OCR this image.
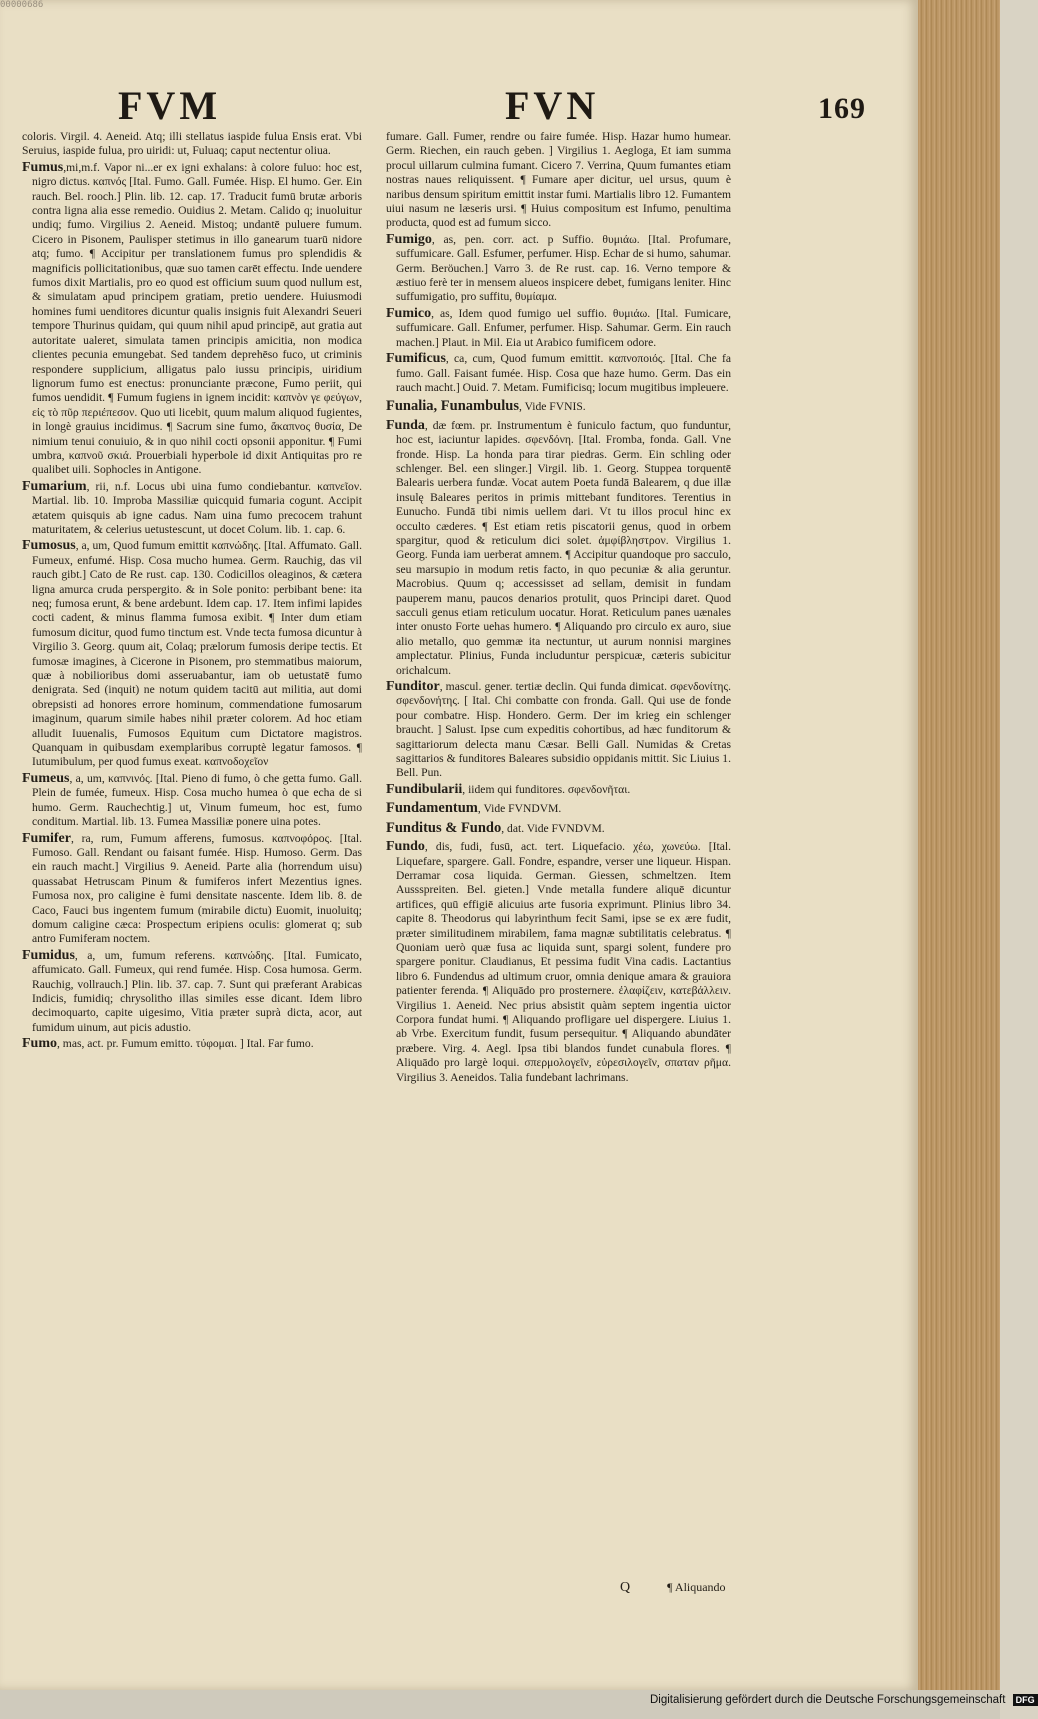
00000686
FVM	FVN	169

coloris. Virgil. 4. Aeneid. Atq; illi stellatus iaspide fulua Ensis erat. Vbi Seruius, iaspide fulua, pro uiridi: ut, Fuluaq; caput nectentur oliua.

Fumus,mi,m.f. Vapor ni...er ex igni exhalans: à colore fuluo: hoc est, nigro dictus. καπνός [Ital. Fumo. Gall. Fumée. Hisp. El humo. Ger. Ein rauch. Bel. rooch.] Plin. lib. 12. cap. 17. Traducit fumū brutæ arboris contra ligna alia esse remedio. Ouidius 2. Metam. Calido q; inuoluitur undiq; fumo. Virgilius 2. Aeneid. Mistoq; undantē puluere fumum. Cicero in Pisonem, Paulisper stetimus in illo ganearum tuarū nidore atq; fumo. ¶ Accipitur per translationem fumus pro splendidis & magnificis pollicitationibus, quæ suo tamen carēt effectu. Inde uendere fumos dixit Martialis, pro eo quod est officium suum quod nullum est, & simulatam apud principem gratiam, pretio uendere. Huiusmodi homines fumi uenditores dicuntur qualis insignis fuit Alexandri Seueri tempore Thurinus quidam, qui quum nihil apud principē, aut gratia aut autoritate ualeret, simulata tamen principis amicitia, non modica clientes pecunia emungebat. Sed tandem deprehēso fuco, ut criminis respondere supplicium, alligatus palo iussu principis, uiridium lignorum fumo est enectus: pronunciante præcone, Fumo periit, qui fumos uendidit. ¶ Fumum fugiens in ignem incidit: καπνὸν γε φεύγων, εἰς τὸ πῦρ περιέπεσον. Quo uti licebit, quum malum aliquod fugientes, in longè grauius incidimus. ¶ Sacrum sine fumo, ἄκαπνος θυσία, De nimium tenui conuiuio, & in quo nihil cocti opsonii apponitur. ¶ Fumi umbra, καπνοῦ σκιά. Prouerbiali hyperbole id dixit Antiquitas pro re qualibet uili. Sophocles in Antigone.

Fumarium, rii, n.f. Locus ubi uina fumo condiebantur. καπνεῖον. Martial. lib. 10. Improba Massiliæ quicquid fumaria cogunt. Accipit ætatem quisquis ab igne cadus. Nam uina fumo precocem trahunt maturitatem, & celerius uetustescunt, ut docet Colum. lib. 1. cap. 6.

Fumosus, a, um, Quod fumum emittit καπνώδης. [Ital. Affumato. Gall. Fumeux, enfumé. Hisp. Cosa mucho humea. Germ. Rauchig, das vil rauch gibt.] Cato de Re rust. cap. 130. Codicillos oleaginos, & cætera ligna amurca cruda perspergito. & in Sole ponito: perbibant bene: ita neq; fumosa erunt, & bene ardebunt. Idem cap. 17. Item infimi lapides cocti cadent, & minus flamma fumosa exibit. ¶ Inter dum etiam fumosum dicitur, quod fumo tinctum est. Vnde tecta fumosa dicuntur à Virgilio 3. Georg. quum ait, Colaq; prælorum fumosis deripe tectis. Et fumosæ imagines, à Cicerone in Pisonem, pro stemmatibus maiorum, quæ à nobilioribus domi asseruabantur, iam ob uetustatē fumo denigrata. Sed (inquit) ne notum quidem tacitū aut militia, aut domi obrepsisti ad honores errore hominum, commendatione fumosarum imaginum, quarum simile habes nihil præter colorem. Ad hoc etiam alludit Iuuenalis, Fumosos Equitum cum Dictatore magistros. Quanquam in quibusdam exemplaribus corruptè legatur famosos. ¶ Iutumibulum, per quod fumus exeat. καπνοδοχεῖον

Fumeus, a, um, καπνινός. [Ital. Pieno di fumo, ò che getta fumo. Gall. Plein de fumée, fumeux. Hisp. Cosa mucho humea ò que echa de si humo. Germ. Rauchechtig.] ut, Vinum fumeum, hoc est, fumo conditum. Martial. lib. 13. Fumea Massiliæ ponere uina potes.

Fumifer, ra, rum, Fumum afferens, fumosus. καπνοφόρος. [Ital. Fumoso. Gall. Rendant ou faisant fumée. Hisp. Humoso. Germ. Das ein rauch macht.] Virgilius 9. Aeneid. Parte alia (horrendum uisu) quassabat Hetruscam Pinum & fumiferos infert Mezentius ignes. Fumosa nox, pro caligine è fumi densitate nascente. Idem lib. 8. de Caco, Fauci bus ingentem fumum (mirabile dictu) Euomit, inuoluitq; domum caligine cæca: Prospectum eripiens oculis: glomerat q; sub antro Fumiferam noctem.

Fumidus, a, um, fumum referens. καπνώδης. [Ital. Fumicato, affumicato. Gall. Fumeux, qui rend fumée. Hisp. Cosa humosa. Germ. Rauchig, vollrauch.] Plin. lib. 37. cap. 7. Sunt qui præferant Arabicas Indicis, fumidiq; chrysolitho illas similes esse dicant. Idem libro decimoquarto, capite uigesimo, Vitia præter suprà dicta, acor, aut fumidum uinum, aut picis adustio.

Fumo, mas, act. pr. Fumum emitto. τύφομαι. ] Ital. Far fumo.

fumare. Gall. Fumer, rendre ou faire fumée. Hisp. Hazar humo humear. Germ. Riechen, ein rauch geben. ] Virgilius 1. Aegloga, Et iam summa procul uillarum culmina fumant. Cicero 7. Verrina, Quum fumantes etiam nostras naues reliquissent. ¶ Fumare aper dicitur, uel ursus, quum è naribus densum spiritum emittit instar fumi. Martialis libro 12. Fumantem uiui nasum ne læseris ursi. ¶ Huius compositum est Infumo, penultima producta, quod est ad fumum sicco.

Fumigo, as, pen. corr. act. p Suffio. θυμιάω. [Ital. Profumare, suffumicare. Gall. Esfumer, perfumer. Hisp. Echar de si humo, sahumar. Germ. Beröuchen.] Varro 3. de Re rust. cap. 16. Verno tempore & æstiuo ferè ter in mensem alueos inspicere debet, fumigans leniter. Hinc suffumigatio, pro suffitu, θυμίαμα.

Fumico, as, Idem quod fumigo uel suffio. θυμιάω. [Ital. Fumicare, suffumicare. Gall. Enfumer, perfumer. Hisp. Sahumar. Germ. Ein rauch machen.] Plaut. in Mil. Eia ut Arabico fumificem odore.

Fumificus, ca, cum, Quod fumum emittit. καπνοποιός. [Ital. Che fa fumo. Gall. Faisant fumée. Hisp. Cosa que haze humo. Germ. Das ein rauch macht.] Ouid. 7. Metam. Fumificisq; locum mugitibus impleuere.

Funalia, Funambulus, Vide FVNIS.

Funda, dæ fœm. pr. Instrumentum è funiculo factum, quo funduntur, hoc est, iaciuntur lapides. σφενδόνη. [Ital. Fromba, fonda. Gall. Vne fronde. Hisp. La honda para tirar piedras. Germ. Ein schling oder schlenger. Bel. een slinger.] Virgil. lib. 1. Georg. Stuppea torquentē Balearis uerbera fundæ. Vocat autem Poeta fundā Balearem, q due illæ insulę Baleares peritos in primis mittebant funditores. Terentius in Eunucho. Fundā tibi nimis uellem dari. Vt tu illos procul hinc ex occulto cæderes. ¶ Est etiam retis piscatorii genus, quod in orbem spargitur, quod & reticulum dici solet. ἀμφίβληστρον. Virgilius 1. Georg. Funda iam uerberat amnem. ¶ Accipitur quandoque pro sacculo, seu marsupio in modum retis facto, in quo pecuniæ & alia geruntur. Macrobius. Quum q; accessisset ad sellam, demisit in fundam pauperem manu, paucos denarios protulit, quos Principi daret. Quod sacculi genus etiam reticulum uocatur. Horat. Reticulum panes uænales inter onusto Forte uehas humero. ¶ Aliquando pro circulo ex auro, siue alio metallo, quo gemmæ ita nectuntur, ut aurum nonnisi margines amplectatur. Plinius, Funda includuntur perspicuæ, cæteris subicitur orichalcum.

Funditor, mascul. gener. tertiæ declin. Qui funda dimicat. σφενδονίτης. σφενδονήτης. [ Ital. Chi combatte con fronda. Gall. Qui use de fonde pour combatre. Hisp. Hondero. Germ. Der im krieg ein schlenger braucht. ] Salust. Ipse cum expeditis cohortibus, ad hæc funditorum & sagittariorum delecta manu Cæsar. Belli Gall. Numidas & Cretas sagittarios & funditores Baleares subsidio oppidanis mittit. Sic Liuius 1. Bell. Pun.

Fundibularii, iidem qui funditores. σφενδονῆται.

Fundamentum, Vide FVNDVM.

Funditus & Fundo, dat. Vide FVNDVM.

Fundo, dis, fudi, fusū, act. tert. Liquefacio. χέω, χωνεύω. [Ital. Liquefare, spargere. Gall. Fondre, espandre, verser une liqueur. Hispan. Derramar cosa liquida. German. Giessen, schmeltzen. Item Aussspreiten. Bel. gieten.] Vnde metalla fundere aliquē dicuntur artifices, quū effigiē alicuius arte fusoria exprimunt. Plinius libro 34. capite 8. Theodorus qui labyrinthum fecit Sami, ipse se ex ære fudit, præter similitudinem mirabilem, fama magnæ subtilitatis celebratus. ¶ Quoniam uerò quæ fusa ac liquida sunt, spargi solent, fundere pro spargere ponitur. Claudianus, Et pessima fudit Vina cadis. Lactantius libro 6. Fundendus ad ultimum cruor, omnia denique amara & grauiora patienter ferenda. ¶ Aliquādo pro prosternere. ἐλαφίζειν, κατεβάλλειν. Virgilius 1. Aeneid. Nec prius absistit quàm septem ingentia uictor Corpora fundat humi. ¶ Aliquando profligare uel dispergere. Liuius 1. ab Vrbe. Exercitum fundit, fusum persequitur. ¶ Aliquando abundāter præbere. Virg. 4. Aegl. Ipsa tibi blandos fundet cunabula flores. ¶ Aliquādo pro largè loqui. σπερμολογεῖν, εὐρεσιλογεῖν, σπαταν ρῆμα. Virgilius 3. Aeneidos. Talia fundebant lachrimans.

Q	¶ Aliquando
Digitalisierung gefördert durch die Deutsche Forschungsgemeinschaft DFG
